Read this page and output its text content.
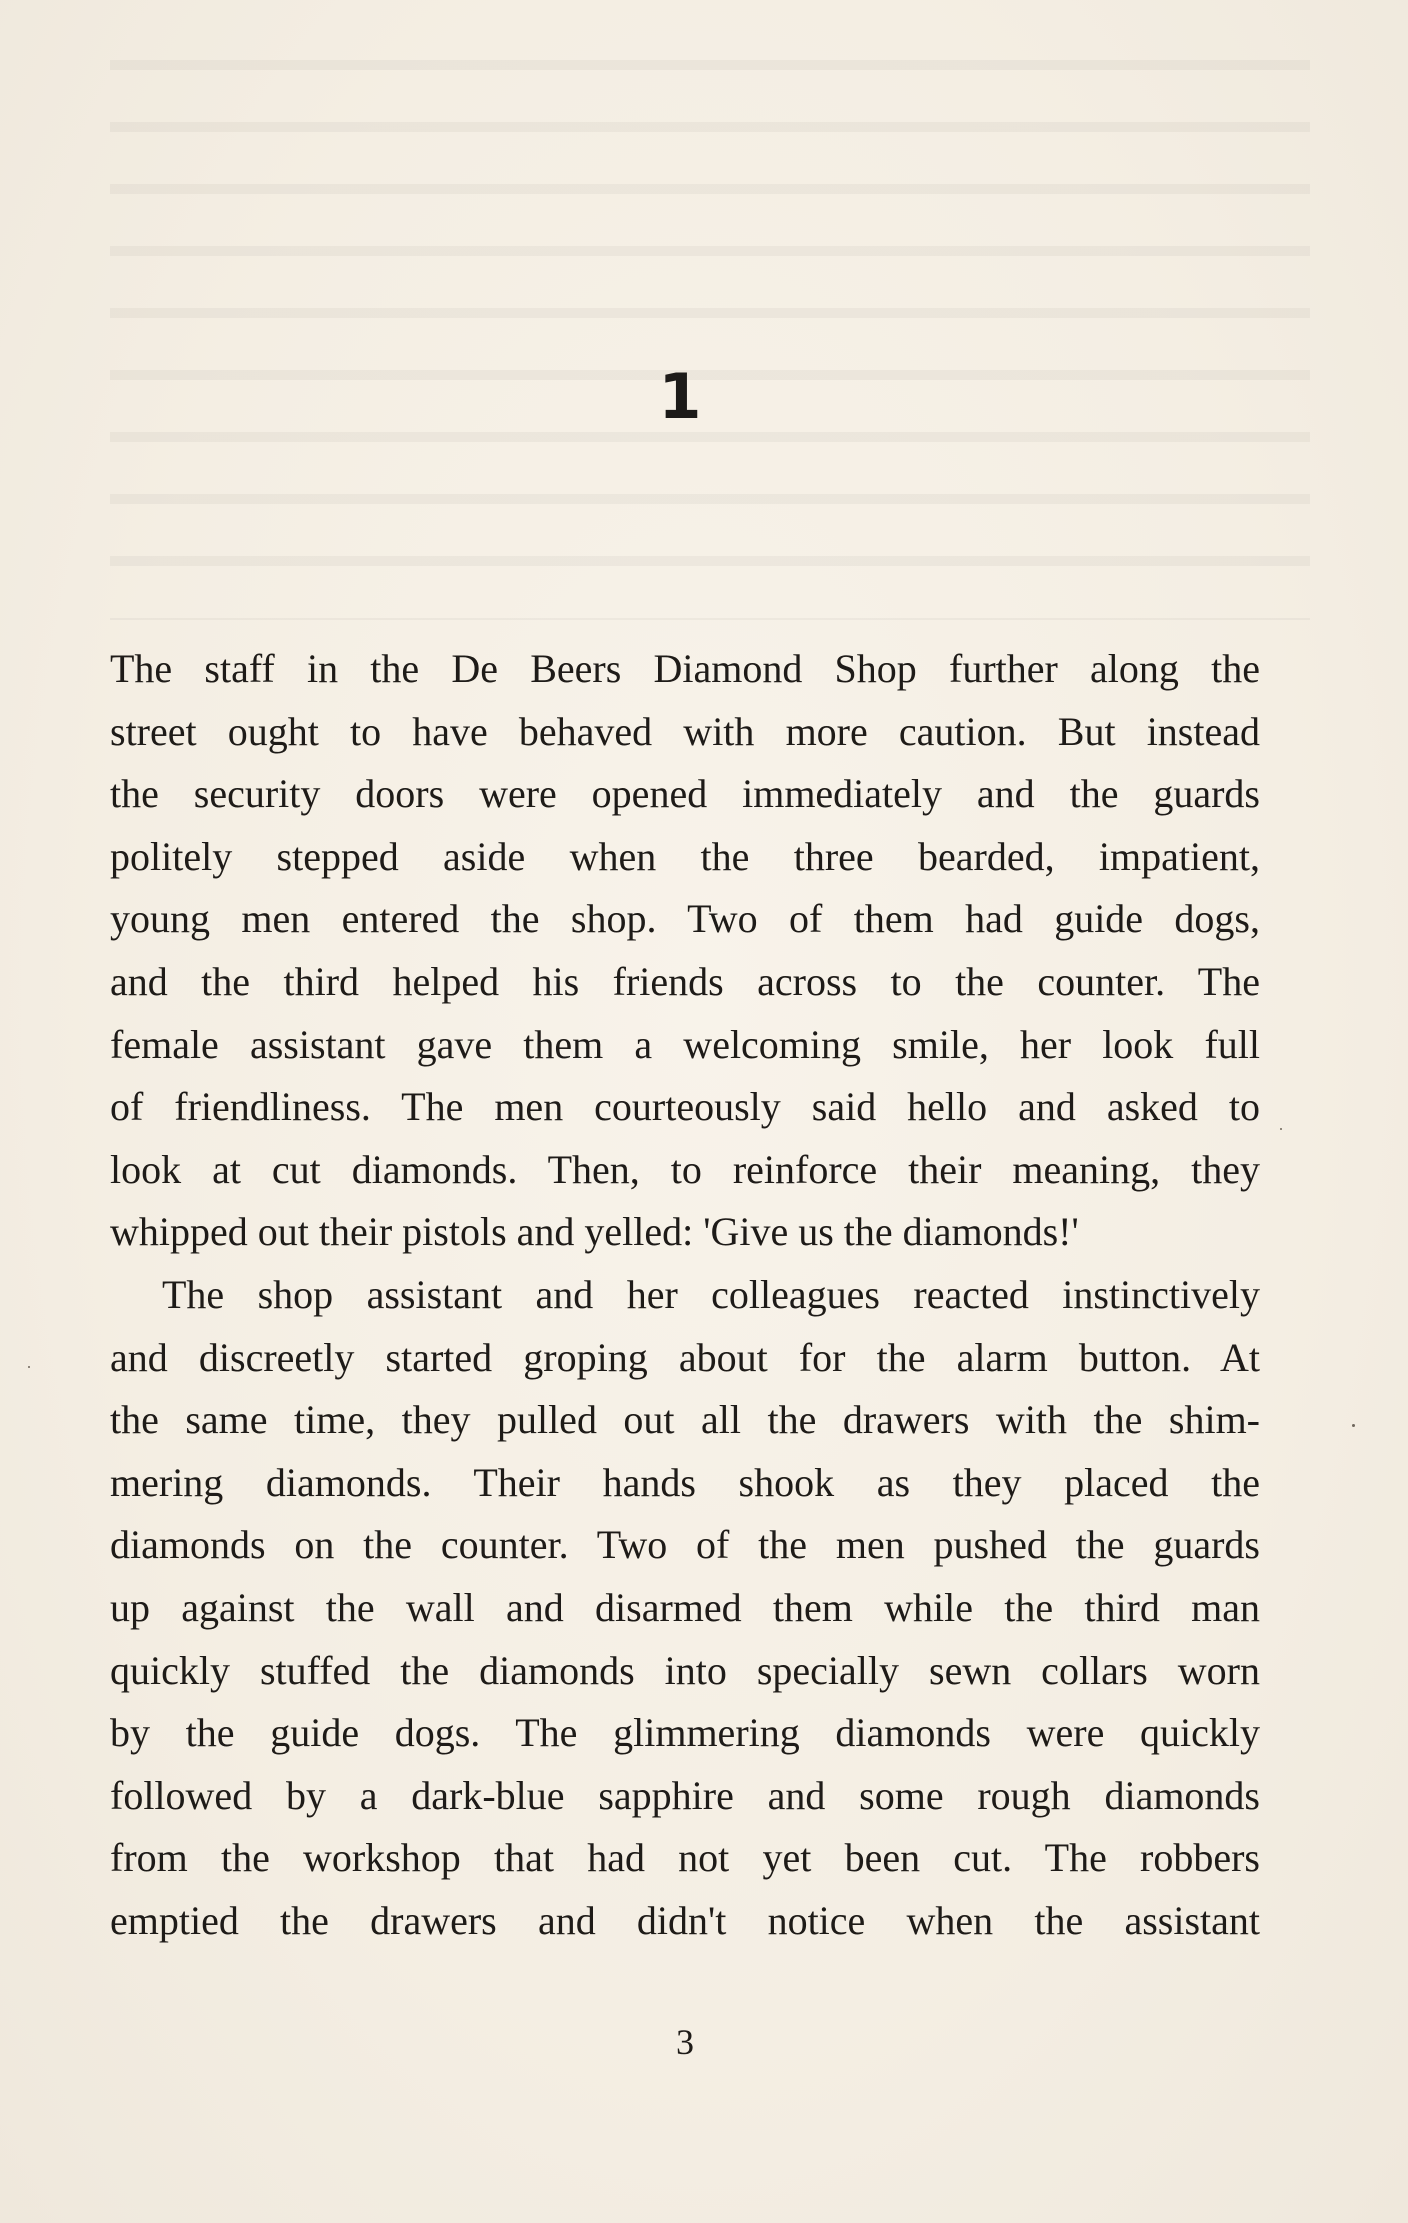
1
The staff in the De Beers Diamond Shop further along the
street ought to have behaved with more caution. But instead
the security doors were opened immediately and the guards
politely stepped aside when the three bearded, impatient,
young men entered the shop. Two of them had guide dogs,
and the third helped his friends across to the counter. The
female assistant gave them a welcoming smile, her look full
of friendliness. The men courteously said hello and asked to
look at cut diamonds. Then, to reinforce their meaning, they
whipped out their pistols and yelled: 'Give us the diamonds!'
The shop assistant and her colleagues reacted instinctively
and discreetly started groping about for the alarm button. At
the same time, they pulled out all the drawers with the shim-
mering diamonds. Their hands shook as they placed the
diamonds on the counter. Two of the men pushed the guards
up against the wall and disarmed them while the third man
quickly stuffed the diamonds into specially sewn collars worn
by the guide dogs. The glimmering diamonds were quickly
followed by a dark-blue sapphire and some rough diamonds
from the workshop that had not yet been cut. The robbers
emptied the drawers and didn't notice when the assistant
3
